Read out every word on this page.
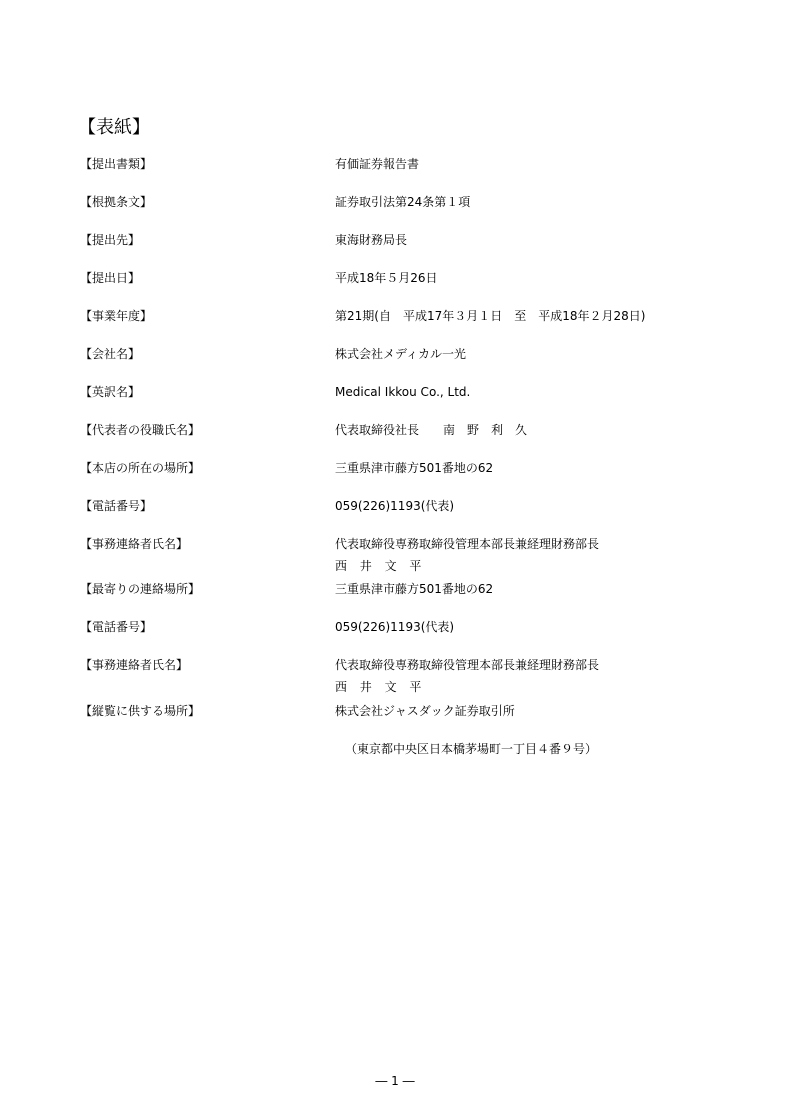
【表紙】
【提出書類】	有価証券報告書
【根拠条文】	証券取引法第24条第１項
【提出先】	東海財務局長
【提出日】	平成18年５月26日
【事業年度】	第21期(自　平成17年３月１日　至　平成18年２月28日)
【会社名】	株式会社メディカル一光
【英訳名】	Medical Ikkou Co., Ltd.
【代表者の役職氏名】	代表取締役社長　　南　野　利　久
【本店の所在の場所】	三重県津市藤方501番地の62
【電話番号】	059(226)1193(代表)
【事務連絡者氏名】	代表取締役専務取締役管理本部長兼経理財務部長
西　井　文　平
【最寄りの連絡場所】	三重県津市藤方501番地の62
【電話番号】	059(226)1193(代表)
【事務連絡者氏名】	代表取締役専務取締役管理本部長兼経理財務部長
西　井　文　平
【縦覧に供する場所】	株式会社ジャスダック証券取引所
（東京都中央区日本橋茅場町一丁目４番９号）
― 1 ―
